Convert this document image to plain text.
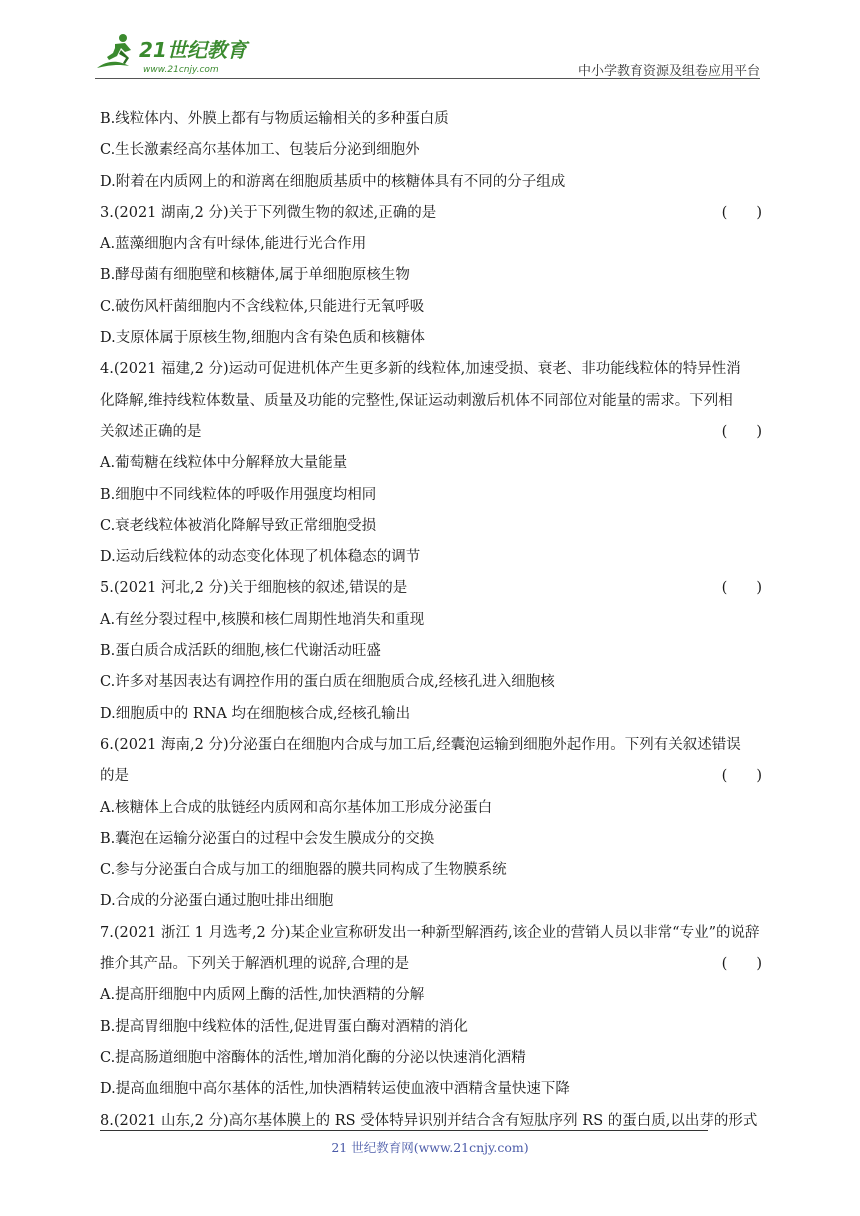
21世纪教育
www.21cnjy.com	中小学教育资源及组卷应用平台
B.线粒体内、外膜上都有与物质运输相关的多种蛋白质
C.生长激素经高尔基体加工、包装后分泌到细胞外
D.附着在内质网上的和游离在细胞质基质中的核糖体具有不同的分子组成
3.(2021 湖南,2 分)关于下列微生物的叙述,正确的是	(　　)
A.蓝藻细胞内含有叶绿体,能进行光合作用
B.酵母菌有细胞壁和核糖体,属于单细胞原核生物
C.破伤风杆菌细胞内不含线粒体,只能进行无氧呼吸
D.支原体属于原核生物,细胞内含有染色质和核糖体
4.(2021 福建,2 分)运动可促进机体产生更多新的线粒体,加速受损、衰老、非功能线粒体的特异性消
化降解,维持线粒体数量、质量及功能的完整性,保证运动刺激后机体不同部位对能量的需求。下列相
关叙述正确的是	(　　)
A.葡萄糖在线粒体中分解释放大量能量
B.细胞中不同线粒体的呼吸作用强度均相同
C.衰老线粒体被消化降解导致正常细胞受损
D.运动后线粒体的动态变化体现了机体稳态的调节
5.(2021 河北,2 分)关于细胞核的叙述,错误的是	(　　)
A.有丝分裂过程中,核膜和核仁周期性地消失和重现
B.蛋白质合成活跃的细胞,核仁代谢活动旺盛
C.许多对基因表达有调控作用的蛋白质在细胞质合成,经核孔进入细胞核
D.细胞质中的 RNA 均在细胞核合成,经核孔输出
6.(2021 海南,2 分)分泌蛋白在细胞内合成与加工后,经囊泡运输到细胞外起作用。下列有关叙述错误
的是	(　　)
A.核糖体上合成的肽链经内质网和高尔基体加工形成分泌蛋白
B.囊泡在运输分泌蛋白的过程中会发生膜成分的交换
C.参与分泌蛋白合成与加工的细胞器的膜共同构成了生物膜系统
D.合成的分泌蛋白通过胞吐排出细胞
7.(2021 浙江 1 月选考,2 分)某企业宣称研发出一种新型解酒药,该企业的营销人员以非常“专业”的说辞
推介其产品。下列关于解酒机理的说辞,合理的是	(　　)
A.提高肝细胞中内质网上酶的活性,加快酒精的分解
B.提高胃细胞中线粒体的活性,促进胃蛋白酶对酒精的消化
C.提高肠道细胞中溶酶体的活性,增加消化酶的分泌以快速消化酒精
D.提高血细胞中高尔基体的活性,加快酒精转运使血液中酒精含量快速下降
8.(2021 山东,2 分)高尔基体膜上的 RS 受体特异识别并结合含有短肽序列 RS 的蛋白质,以出芽的形式
21 世纪教育网(www.21cnjy.com)
